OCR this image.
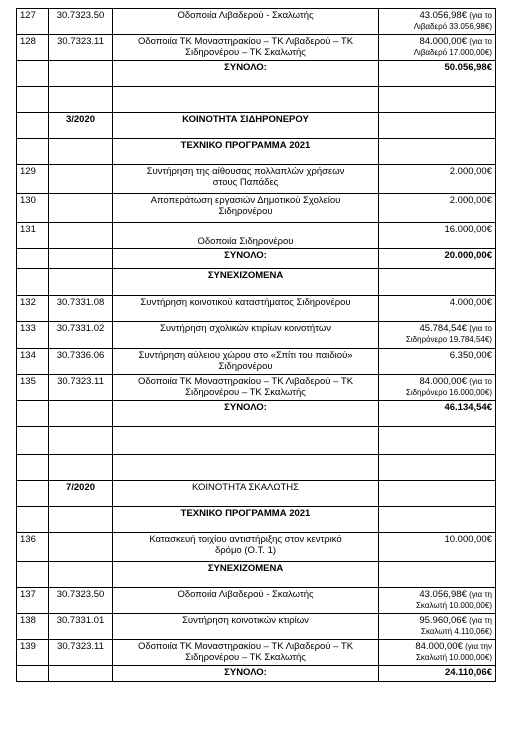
127	30.7323.50	Οδοποιία Λιβαδερού - Σκαλωτής	43.056,98€ (για το
Λιβαδερό 33.056,98€)
128	30.7323.11	Οδοποιία ΤΚ Μοναστηρακίου – ΤΚ Λιβαδερού – ΤΚ
Σιδηρονέρου – ΤΚ Σκαλωτής	84.000,00€ (για το
Λιβαδερό 17.000,00€)
		ΣΥΝΟΛΟ:	50.056,98€

	3/2020	ΚΟΙΝΟΤΗΤΑ ΣΙΔΗΡΟΝΕΡΟΥ	
		ΤΕΧΝΙΚΟ ΠΡΟΓΡΑΜΜΑ 2021	
129		Συντήρηση της αίθουσας πολλαπλών χρήσεων
στους Παπάδες	2.000,00€
130		Αποπεράτωση εργασιών Δημοτικού Σχολείου
Σιδηρονέρου	2.000,00€
131		Οδοποιία Σιδηρονέρου	16.000,00€
		ΣΥΝΟΛΟ:	20.000,00€
		ΣΥΝΕΧΙΖΟΜΕΝΑ	
132	30.7331.08	Συντήρηση κοινοτικού καταστήματος Σιδηρονέρου	4.000,00€
133	30.7331.02	Συντήρηση σχολικών κτιρίων κοινοτήτων	45.784,54€ (για το
Σιδηρόνερο 19.784,54€)
134	30.7336.06	Συντήρηση αύλειου χώρου στο «Σπίτι του παιδιού»
Σιδηρονέρου	6.350,00€
135	30.7323.11	Οδοποιία ΤΚ Μοναστηρακίου – ΤΚ Λιβαδερού – ΤΚ
Σιδηρονέρου – ΤΚ Σκαλωτής	84.000,00€ (για το
Σιδηρόνερο 16.000,00€)
		ΣΥΝΟΛΟ:	46.134,54€

	7/2020	ΚΟΙΝΟΤΗΤΑ ΣΚΑΛΩΤΗΣ	
		ΤΕΧΝΙΚΟ ΠΡΟΓΡΑΜΜΑ 2021	
136		Κατασκευή τοιχίου αντιστήριξης στον κεντρικό
δρόμο (Ο.Τ. 1)	10.000,00€
		ΣΥΝΕΧΙΖΟΜΕΝΑ	
137	30.7323.50	Οδοποιία Λιβαδερού - Σκαλωτής	43.056,98€ (για τη
Σκαλωτή 10.000,00€)
138	30.7331.01	Συντήρηση κοινοτικών κτιρίων	95.960,06€ (για τη
Σκαλωτή 4.110,06€)
139	30.7323.11	Οδοποιία ΤΚ Μοναστηρακίου – ΤΚ Λιβαδερού – ΤΚ
Σιδηρονέρου – ΤΚ Σκαλωτής	84.000,00€ (για την
Σκαλωτή 10.000,00€)
		ΣΥΝΟΛΟ:	24.110,06€
